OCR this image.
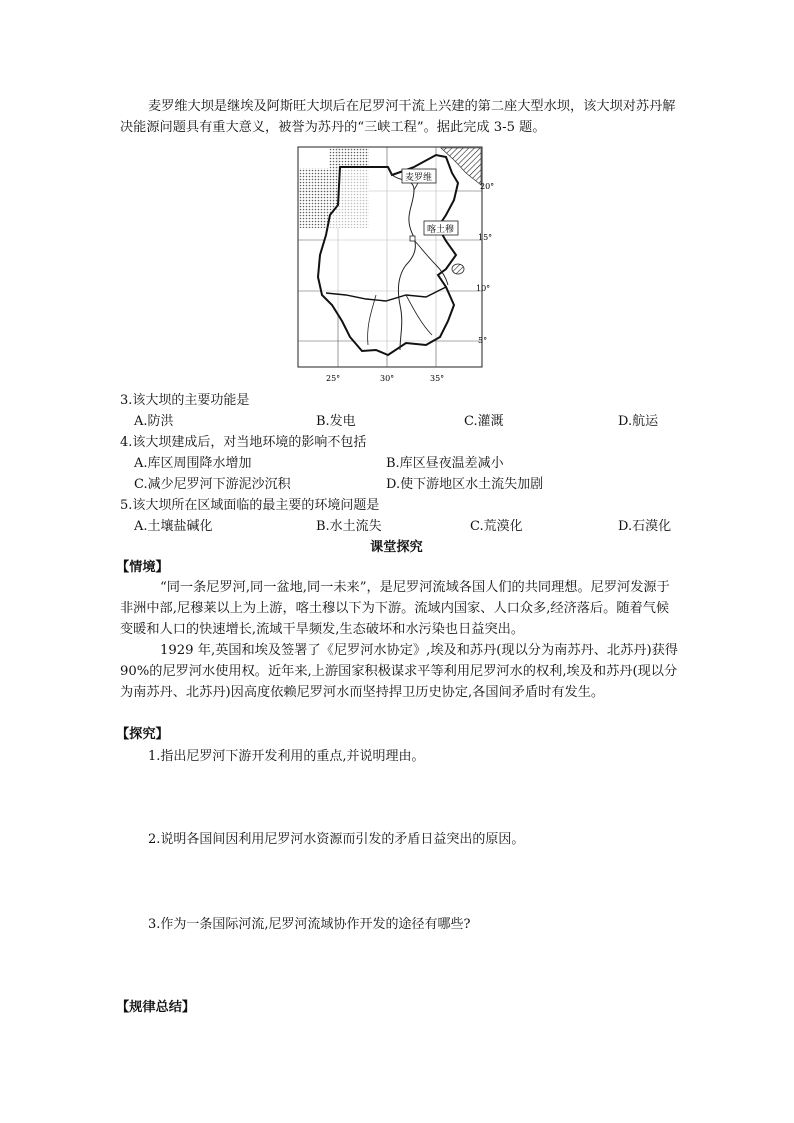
麦罗维大坝是继埃及阿斯旺大坝后在尼罗河干流上兴建的第二座大型水坝，该大坝对苏丹解决能源问题具有重大意义，被誉为苏丹的“三峡工程”。据此完成 3-5 题。
麦罗维
喀土穆
20°
15°
10°
5°
25°	30°	35°
3.该大坝的主要功能是
A.防洪	B.发电	C.灌溉	D.航运
4.该大坝建成后，对当地环境的影响不包括
A.库区周围降水增加	B.库区昼夜温差减小
C.减少尼罗河下游泥沙沉积	D.使下游地区水土流失加剧
5.该大坝所在区域面临的最主要的环境问题是
A.土壤盐碱化	B.水土流失	C.荒漠化	D.石漠化
课堂探究
【情境】
“同一条尼罗河,同一盆地,同一未来”，是尼罗河流域各国人们的共同理想。尼罗河发源于非洲中部,尼穆莱以上为上游，喀土穆以下为下游。流域内国家、人口众多,经济落后。随着气候变暖和人口的快速增长,流域干旱频发,生态破坏和水污染也日益突出。
1929 年,英国和埃及签署了《尼罗河水协定》,埃及和苏丹(现以分为南苏丹、北苏丹)获得 90%的尼罗河水使用权。近年来,上游国家积极谋求平等利用尼罗河水的权利,埃及和苏丹(现以分为南苏丹、北苏丹)因高度依赖尼罗河水而坚持捍卫历史协定,各国间矛盾时有发生。
【探究】
1.指出尼罗河下游开发利用的重点,并说明理由。
2.说明各国间因利用尼罗河水资源而引发的矛盾日益突出的原因。
3.作为一条国际河流,尼罗河流域协作开发的途径有哪些?
【规律总结】
